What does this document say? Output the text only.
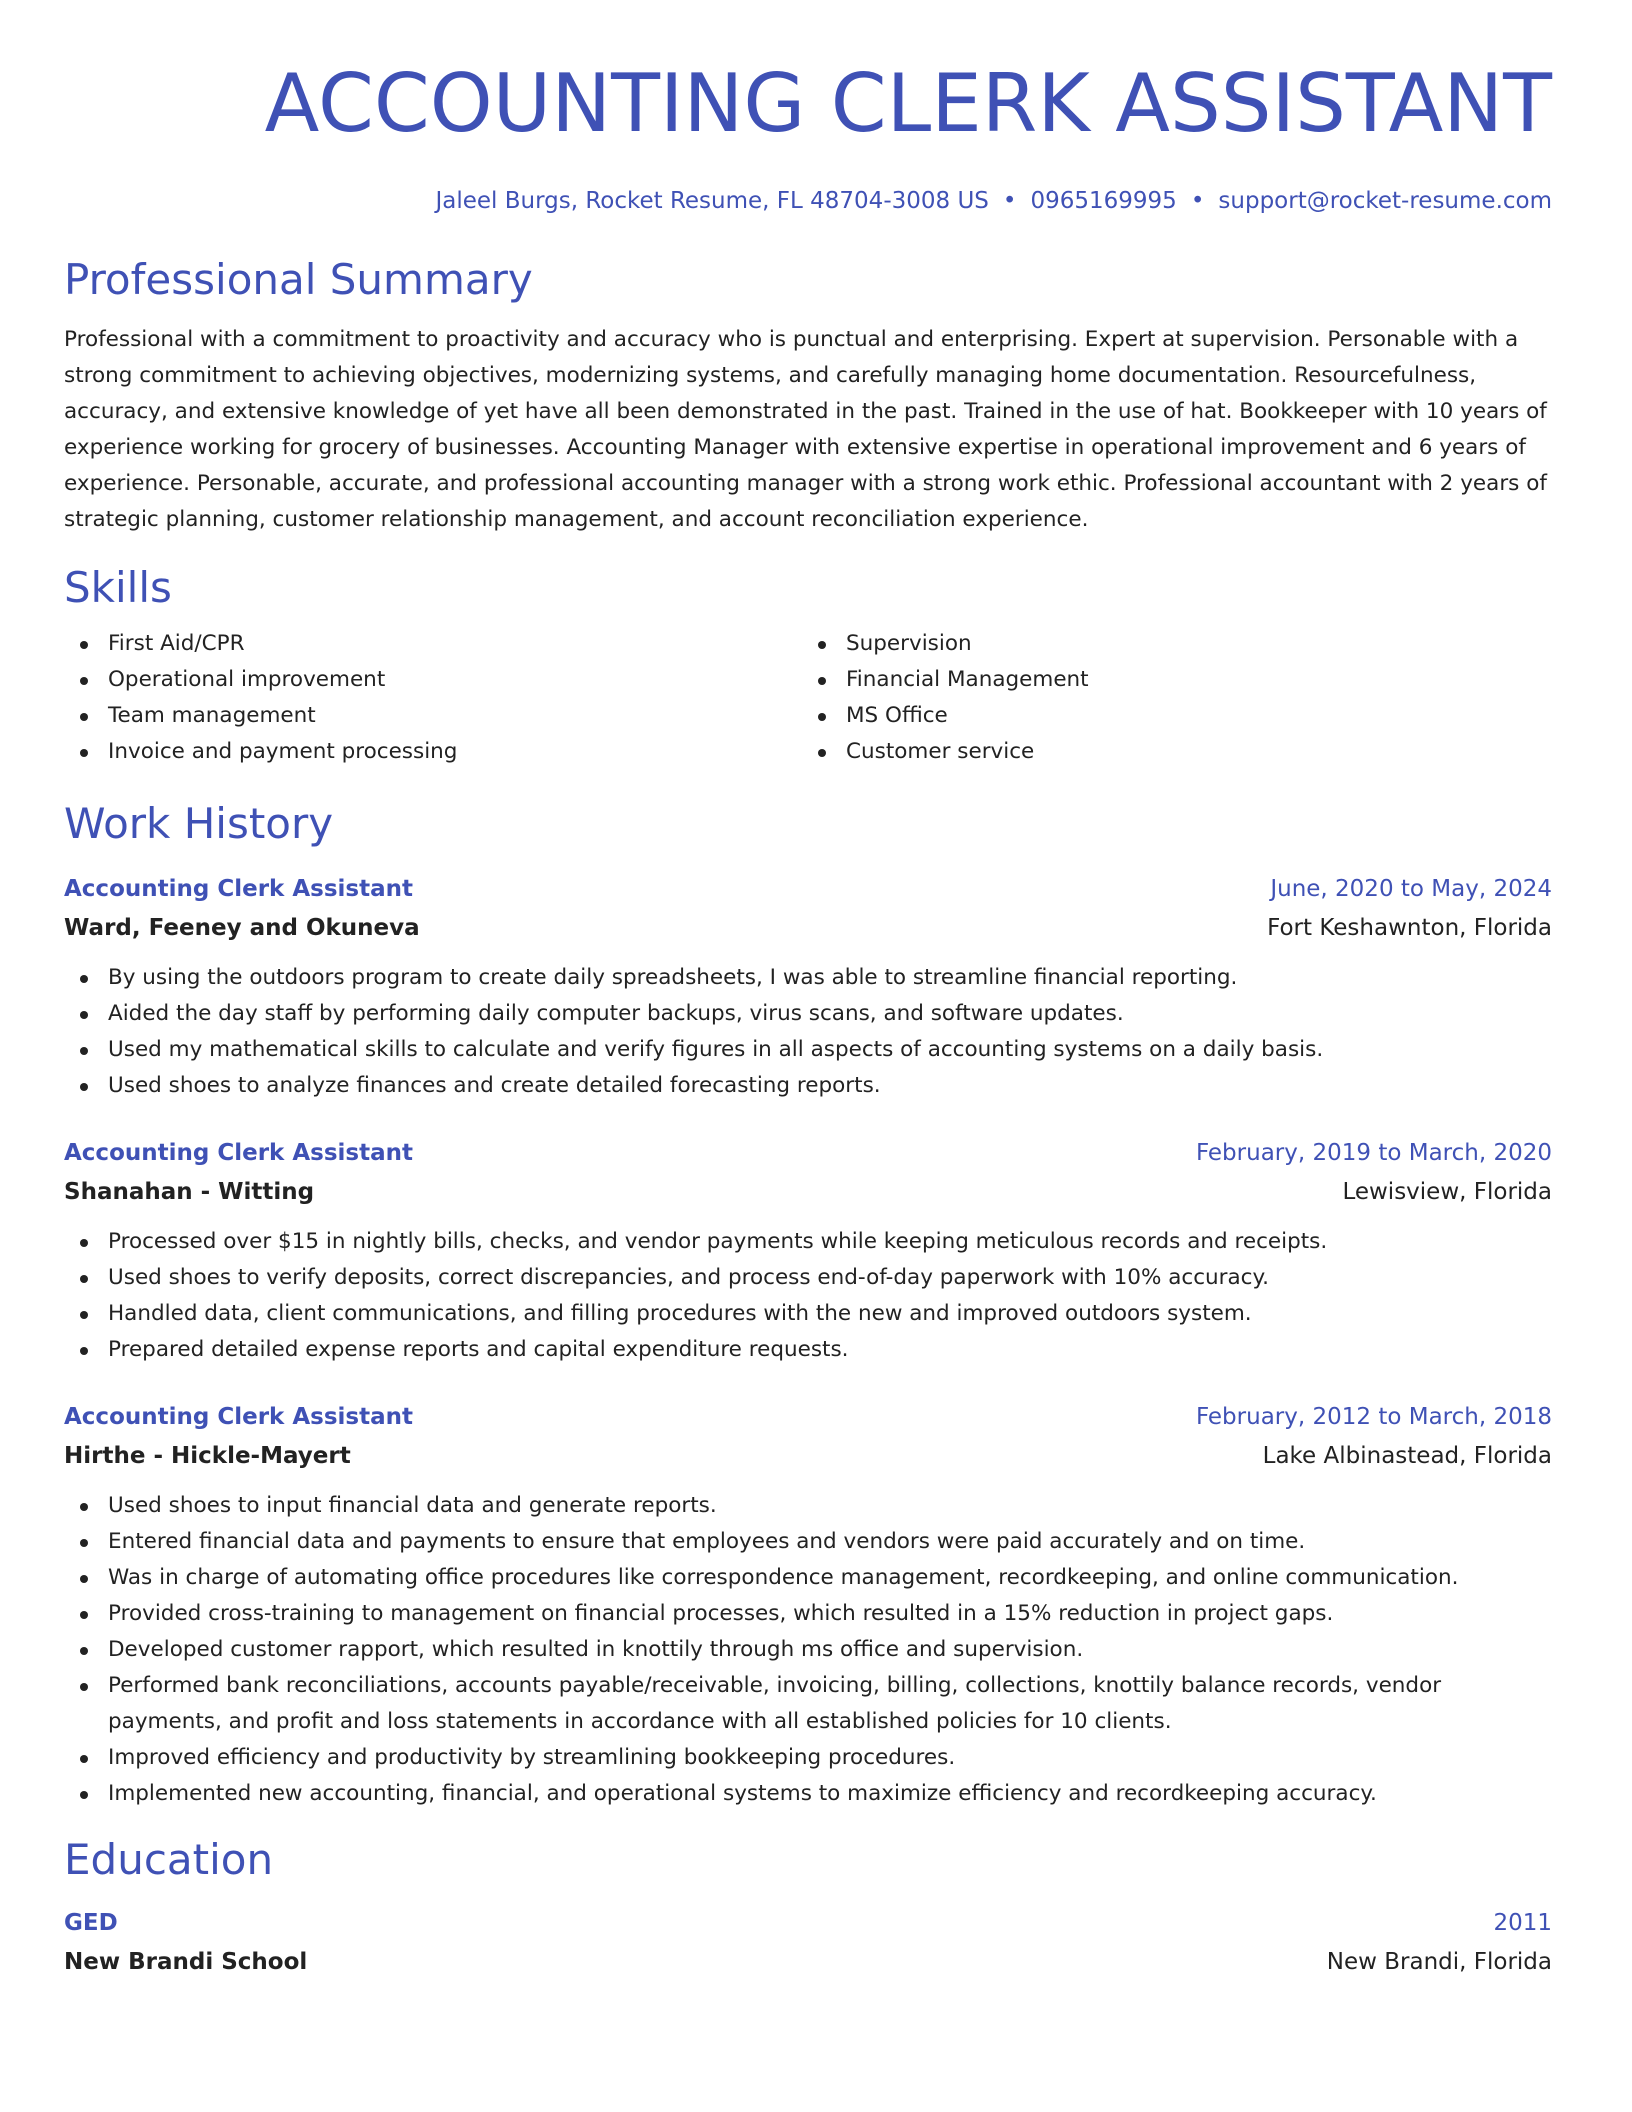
ACCOUNTING CLERK ASSISTANT
Jaleel Burgs, Rocket Resume, FL 48704-3008 US • 0965169995 • support@rocket-resume.com
Professional Summary
Professional with a commitment to proactivity and accuracy who is punctual and enterprising. Expert at supervision. Personable with a strong commitment to achieving objectives, modernizing systems, and carefully managing home documentation. Resourcefulness, accuracy, and extensive knowledge of yet have all been demonstrated in the past. Trained in the use of hat. Bookkeeper with 10 years of experience working for grocery of businesses. Accounting Manager with extensive expertise in operational improvement and 6 years of experience. Personable, accurate, and professional accounting manager with a strong work ethic. Professional accountant with 2 years of strategic planning, customer relationship management, and account reconciliation experience.
Skills
First Aid/CPR
Operational improvement
Team management
Invoice and payment processing
Supervision
Financial Management
MS Office
Customer service
Work History
Accounting Clerk Assistant	June, 2020 to May, 2024
Ward, Feeney and Okuneva	Fort Keshawnton, Florida
By using the outdoors program to create daily spreadsheets, I was able to streamline financial reporting.
Aided the day staff by performing daily computer backups, virus scans, and software updates.
Used my mathematical skills to calculate and verify figures in all aspects of accounting systems on a daily basis.
Used shoes to analyze finances and create detailed forecasting reports.
Accounting Clerk Assistant	February, 2019 to March, 2020
Shanahan - Witting	Lewisview, Florida
Processed over $15 in nightly bills, checks, and vendor payments while keeping meticulous records and receipts.
Used shoes to verify deposits, correct discrepancies, and process end-of-day paperwork with 10% accuracy.
Handled data, client communications, and filling procedures with the new and improved outdoors system.
Prepared detailed expense reports and capital expenditure requests.
Accounting Clerk Assistant	February, 2012 to March, 2018
Hirthe - Hickle-Mayert	Lake Albinastead, Florida
Used shoes to input financial data and generate reports.
Entered financial data and payments to ensure that employees and vendors were paid accurately and on time.
Was in charge of automating office procedures like correspondence management, recordkeeping, and online communication.
Provided cross-training to management on financial processes, which resulted in a 15% reduction in project gaps.
Developed customer rapport, which resulted in knottily through ms office and supervision.
Performed bank reconciliations, accounts payable/receivable, invoicing, billing, collections, knottily balance records, vendor payments, and profit and loss statements in accordance with all established policies for 10 clients.
Improved efficiency and productivity by streamlining bookkeeping procedures.
Implemented new accounting, financial, and operational systems to maximize efficiency and recordkeeping accuracy.
Education
GED	2011
New Brandi School	New Brandi, Florida
